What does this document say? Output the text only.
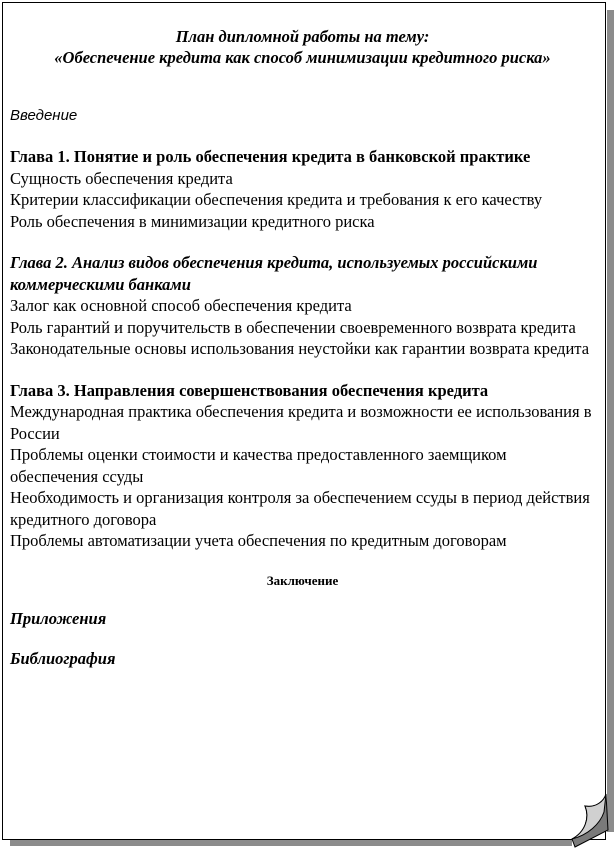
План дипломной работы на тему:
«Обеспечение кредита как способ минимизации кредитного риска»
Введение
Глава 1. Понятие и роль обеспечения кредита в банковской практике
Сущность обеспечения кредита
Критерии классификации обеспечения кредита и требования к его качеству
Роль обеспечения в минимизации кредитного риска
Глава 2. Анализ видов обеспечения кредита, используемых российскими коммерческими банками
Залог как основной способ обеспечения кредита
Роль гарантий и поручительств в обеспечении своевременного возврата кредита
Законодательные основы использования неустойки как гарантии возврата кредита
Глава 3. Направления совершенствования обеспечения кредита
Международная практика обеспечения кредита и возможности ее использования в России
Проблемы оценки стоимости и качества предоставленного заемщиком обеспечения ссуды
Необходимость и организация контроля за обеспечением ссуды в период действия кредитного договора
Проблемы автоматизации учета обеспечения по кредитным договорам
Заключение
Приложения
Библиография
